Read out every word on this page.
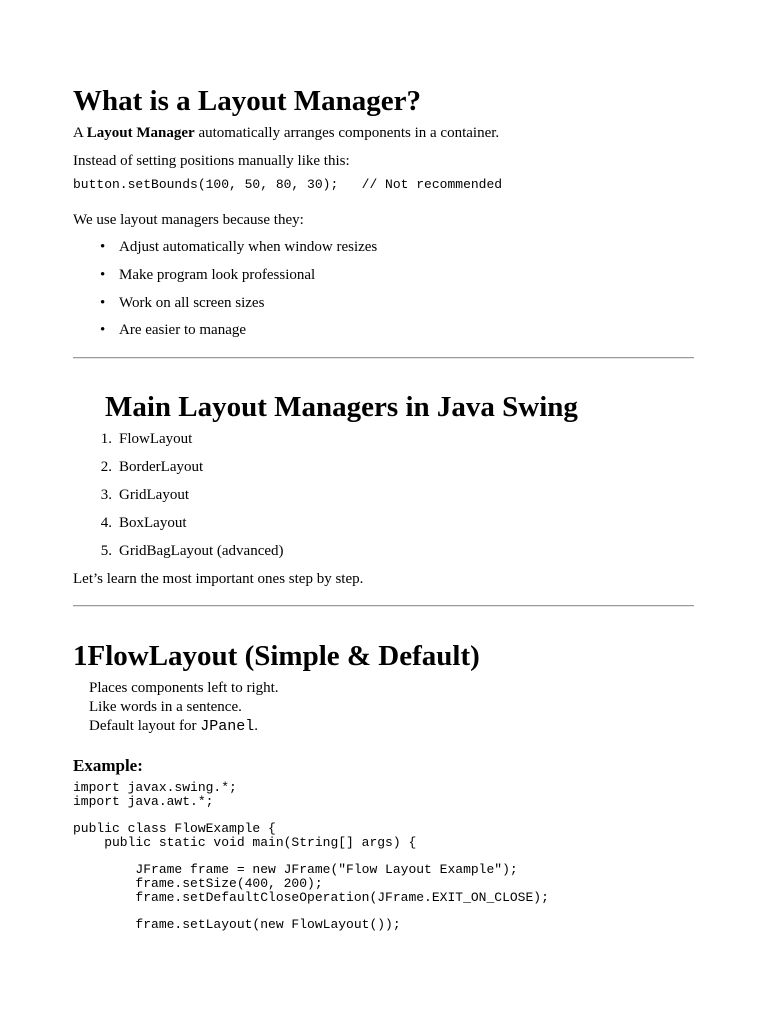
What is a Layout Manager?

A Layout Manager automatically arranges components in a container.

Instead of setting positions manually like this:

button.setBounds(100, 50, 80, 30);   // Not recommended

We use layout managers because they:

• Adjust automatically when window resizes
• Make program look professional
• Work on all screen sizes
• Are easier to manage
Main Layout Managers in Java Swing
1. FlowLayout
2. BorderLayout
3. GridLayout
4. BoxLayout
5. GridBagLayout (advanced)

Let’s learn the most important ones step by step.

1 FlowLayout (Simple & Default)

Places components left to right.

Like words in a sentence.

Default layout for JPanel.

Example:
import javax.swing.*;
import java.awt.*;

public class FlowExample {
public static void main(String[] args) {

JFrame frame = new JFrame("Flow Layout Example");
frame.setSize(400, 200);
frame.setDefaultCloseOperation(JFrame.EXIT_ON_CLOSE);

frame.setLayout(new FlowLayout());
